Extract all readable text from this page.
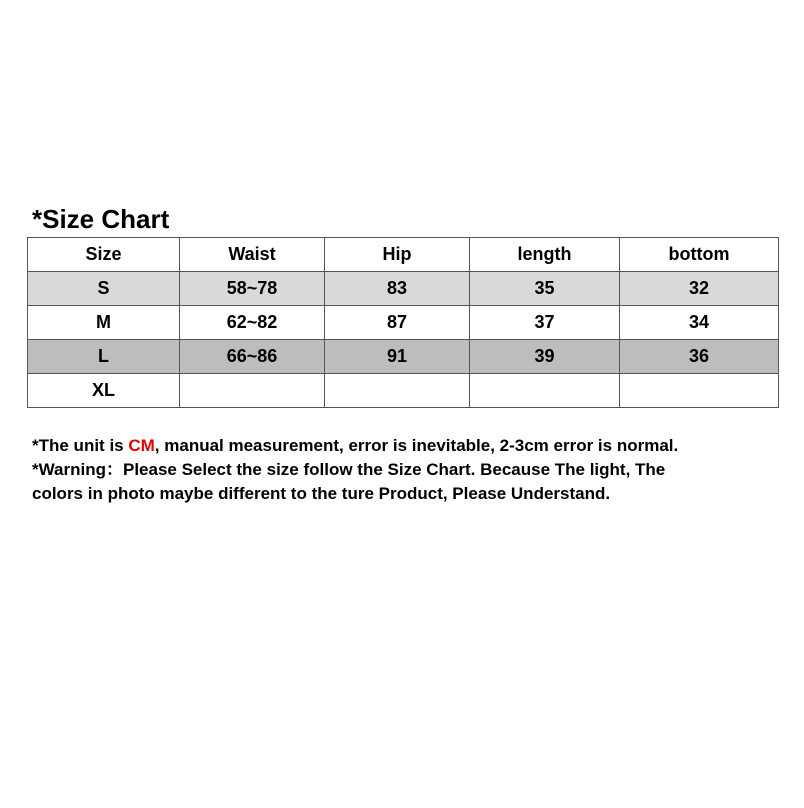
*Size Chart
Size	Waist	Hip	length	bottom
S	58~78	83	35	32
M	62~82	87	37	34
L	66~86	91	39	36
XL				

*The unit is CM, manual measurement, error is inevitable, 2-3cm error is normal.

*Warning：Please Select the size follow the Size Chart. Because The light, The

colors in photo maybe different to the ture Product, Please Understand.
